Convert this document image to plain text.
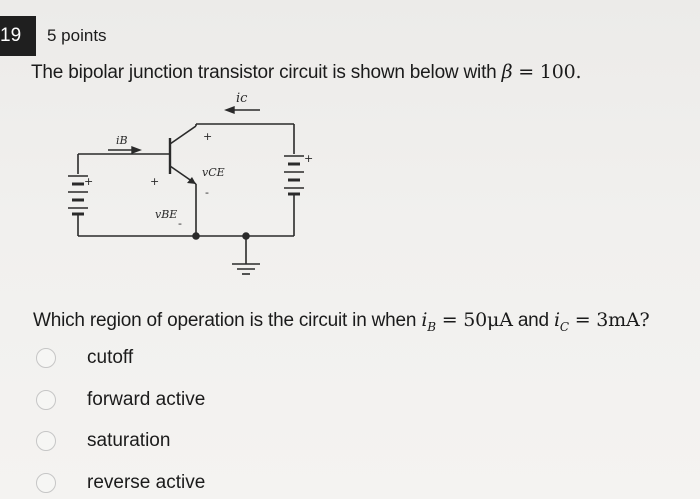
19 5 points
The bipolar junction transistor circuit is shown below with β = 100.
ic
iB
vCE
vBE
+
-
+
-
+
+
Which region of operation is the circuit in when $i_B = 50\mu A$ and $i_C = 3mA$?
cutoff
forward active
saturation
reverse active
